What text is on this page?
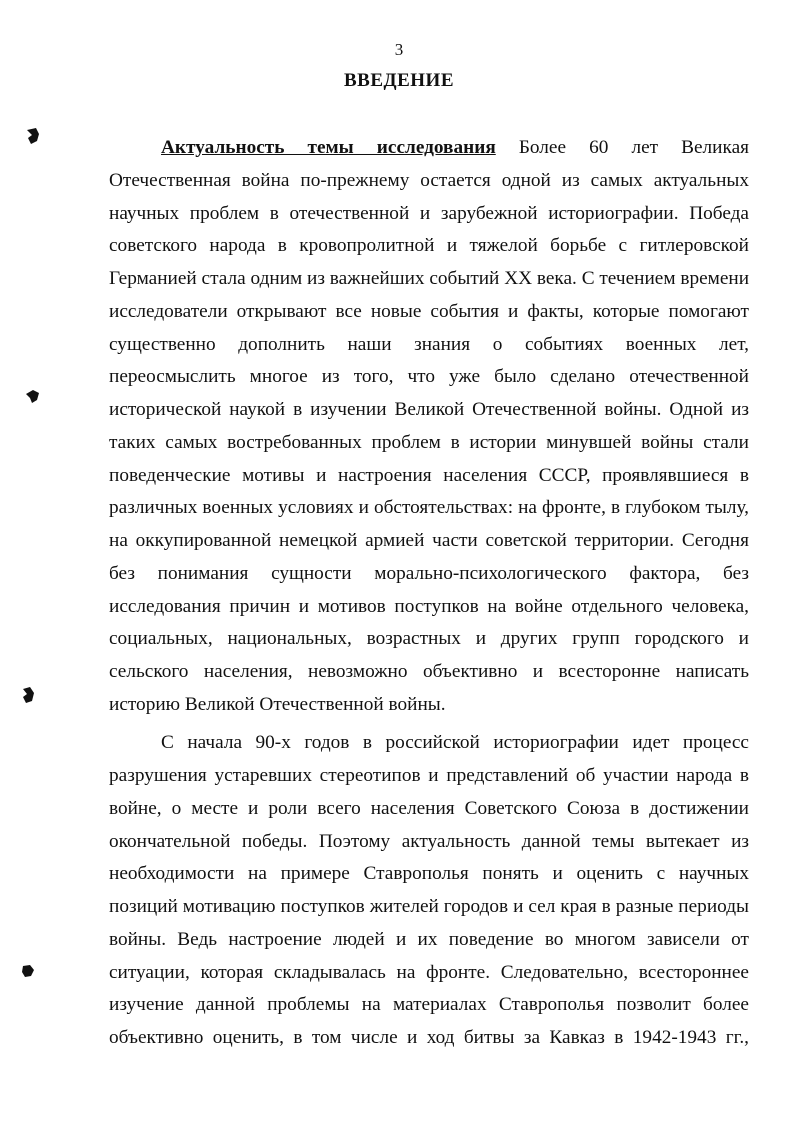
3
ВВЕДЕНИЕ
Актуальность темы исследования Более 60 лет Великая
Отечественная война по-прежнему остается одной из самых актуальных
научных проблем в отечественной и зарубежной историографии. Победа
советского народа в кровопролитной и тяжелой борьбе с гитлеровской
Германией стала одним из важнейших событий XX века. С течением времени
исследователи открывают все новые события и факты, которые помогают
существенно дополнить наши знания о событиях военных лет,
переосмыслить многое из того, что уже было сделано отечественной
исторической наукой в изучении Великой Отечественной войны. Одной из
таких самых востребованных проблем в истории минувшей войны стали
поведенческие мотивы и настроения населения СССР, проявлявшиеся в
различных военных условиях и обстоятельствах: на фронте, в глубоком тылу,
на оккупированной немецкой армией части советской территории. Сегодня
без понимания сущности морально-психологического фактора, без
исследования причин и мотивов поступков на войне отдельного человека,
социальных, национальных, возрастных и других групп городского и
сельского населения, невозможно объективно и всесторонне написать
историю Великой Отечественной войны.
С начала 90-х годов в российской историографии идет процесс
разрушения устаревших стереотипов и представлений об участии народа в
войне, о месте и роли всего населения Советского Союза в достижении
окончательной победы. Поэтому актуальность данной темы вытекает из
необходимости на примере Ставрополья понять и оценить с научных
позиций мотивацию поступков жителей городов и сел края в разные периоды
войны. Ведь настроение людей и их поведение во многом зависели от
ситуации, которая складывалась на фронте. Следовательно, всестороннее
изучение данной проблемы на материалах Ставрополья позволит более
объективно оценить, в том числе и ход битвы за Кавказ в 1942-1943 гг.,
